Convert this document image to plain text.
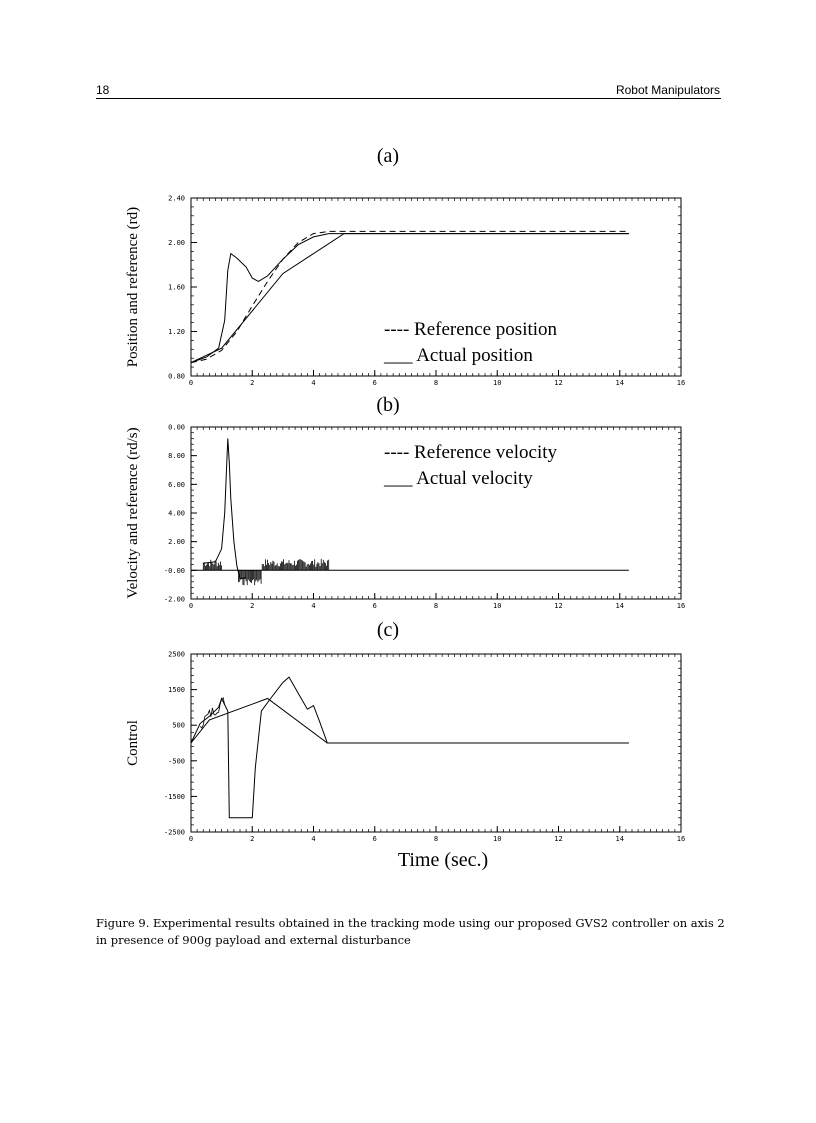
18	Robot Manipulators
(a)
0	2	4	6	8	10	12	14	16
0.80
1.20
1.60
2.00
2.40
Position and reference (rd)	---- Reference position
___ Actual position
(b)
0	2	4	6	8	10	12	14	16
-2.00
-0.00
2.00
4.00
6.00
8.00
0.00
Velocity and reference (rd/s)	---- Reference velocity
___ Actual velocity
(c)
0	2	4	6	8	10	12	14	16
-2500
-1500
-500
500
1500
2500
Control
Time (sec.)
Figure 9. Experimental results obtained in the tracking mode using our proposed GVS2 controller on axis 2 in presence of 900g payload and external disturbance
